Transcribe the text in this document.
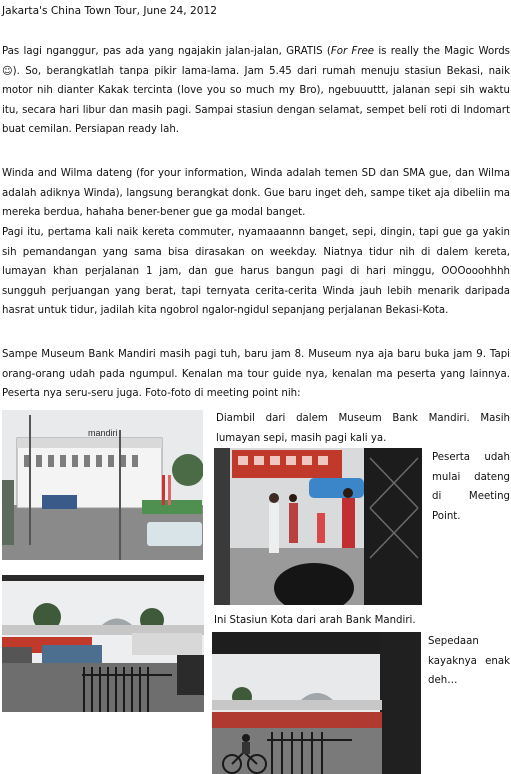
Jakarta's China Town Tour, June 24, 2012
Pas lagi nganggur, pas ada yang ngajakin jalan-jalan, GRATIS (For Free is really the Magic Words☺). So, berangkatlah tanpa pikir lama-lama. Jam 5.45 dari rumah menuju stasiun Bekasi, naik motor nih dianter Kakak tercinta (love you so much my Bro), ngebuuuttt, jalanan sepi sih waktu itu, secara hari libur dan masih pagi. Sampai stasiun dengan selamat, sempet beli roti di Indomart buat cemilan. Persiapan ready lah.
Winda and Wilma dateng (for your information, Winda adalah temen SD dan SMA gue, dan Wilma adalah adiknya Winda), langsung berangkat donk. Gue baru inget deh, sampe tiket aja dibeliin ma mereka berdua, hahaha bener-bener gue ga modal banget.
Pagi itu, pertama kali naik kereta commuter, nyamaaannn banget, sepi, dingin, tapi gue ga yakin sih pemandangan yang sama bisa dirasakan on weekday. Niatnya tidur nih di dalem kereta, lumayan khan perjalanan 1 jam, dan gue harus bangun pagi di hari minggu, OOOooohhhh sungguh perjuangan yang berat, tapi ternyata cerita-cerita Winda jauh lebih menarik daripada hasrat untuk tidur, jadilah kita ngobrol ngalor-ngidul sepanjang perjalanan Bekasi-Kota.
Sampe Museum Bank Mandiri masih pagi tuh, baru jam 8. Museum nya aja baru buka jam 9. Tapi orang-orang udah pada ngumpul. Kenalan ma tour guide nya, kenalan ma peserta yang lainnya. Peserta nya seru-seru juga. Foto-foto di meeting point nih:
mandiri
Diambil dari dalem Museum Bank Mandiri. Masih lumayan sepi, masih pagi kali ya.
Peserta udah mulai dateng di Meeting Point.
Ini Stasiun Kota dari arah Bank Mandiri.
Sepedaan kayaknya enak deh…
